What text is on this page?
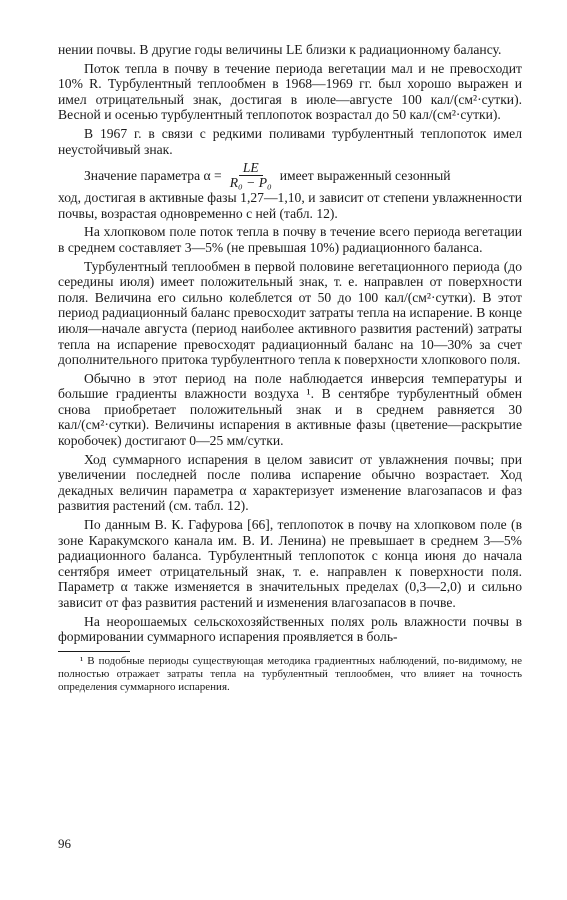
нении почвы. В другие годы величины LE близки к радиационному балансу.

Поток тепла в почву в течение периода вегетации мал и не превосходит 10% R. Турбулентный теплообмен в 1968—1969 гг. был хорошо выражен и имел отрицательный знак, достигая в июле—августе 100 кал/(см²·сутки). Весной и осенью турбулентный теплопоток возрастал до 50 кал/(см²·сутки).

В 1967 г. в связи с редкими поливами турбулентный теплопоток имел неустойчивый знак.

Значение параметра $\alpha = \frac{LE}{\text{R₀ − P₀}}$ имеет выраженный сезонный

ход, достигая в активные фазы 1,27—1,10, и зависит от степени увлажненности почвы, возрастая одновременно с ней (табл. 12).

На хлопковом поле поток тепла в почву в течение всего периода вегетации в среднем составляет 3—5% (не превышая 10%) радиационного баланса.

Турбулентный теплообмен в первой половине вегетационного периода (до середины июля) имеет положительный знак, т. е. направлен от поверхности поля. Величина его сильно колеблется от 50 до 100 кал/(см²·сутки). В этот период радиационный баланс превосходит затраты тепла на испарение. В конце июля—начале августа (период наиболее активного развития растений) затраты тепла на испарение превосходят радиационный баланс на 10—30% за счет дополнительного притока турбулентного тепла к поверхности хлопкового поля.

Обычно в этот период на поле наблюдается инверсия температуры и большие градиенты влажности воздуха ¹. В сентябре турбулентный обмен снова приобретает положительный знак и в среднем равняется 30 кал/(см²·сутки). Величины испарения в активные фазы (цветение—раскрытие коробочек) достигают 0—25 мм/сутки.

Ход суммарного испарения в целом зависит от увлажнения почвы; при увеличении последней после полива испарение обычно возрастает. Ход декадных величин параметра α характеризует изменение влагозапасов и фаз развития растений (см. табл. 12).

По данным В. К. Гафурова [66], теплопоток в почву на хлопковом поле (в зоне Каракумского канала им. В. И. Ленина) не превышает в среднем 3—5% радиационного баланса. Турбулентный теплопоток с конца июня до начала сентября имеет отрицательный знак, т. е. направлен к поверхности поля. Параметр α также изменяется в значительных пределах (0,3—2,0) и сильно зависит от фаз развития растений и изменения влагозапасов в почве.

На неорошаемых сельскохозяйственных полях роль влажности почвы в формировании суммарного испарения проявляется в боль-

¹ В подобные периоды существующая методика градиентных наблюдений, по-видимому, не полностью отражает затраты тепла на турбулентный теплообмен, что влияет на точность определения суммарного испарения.

96
